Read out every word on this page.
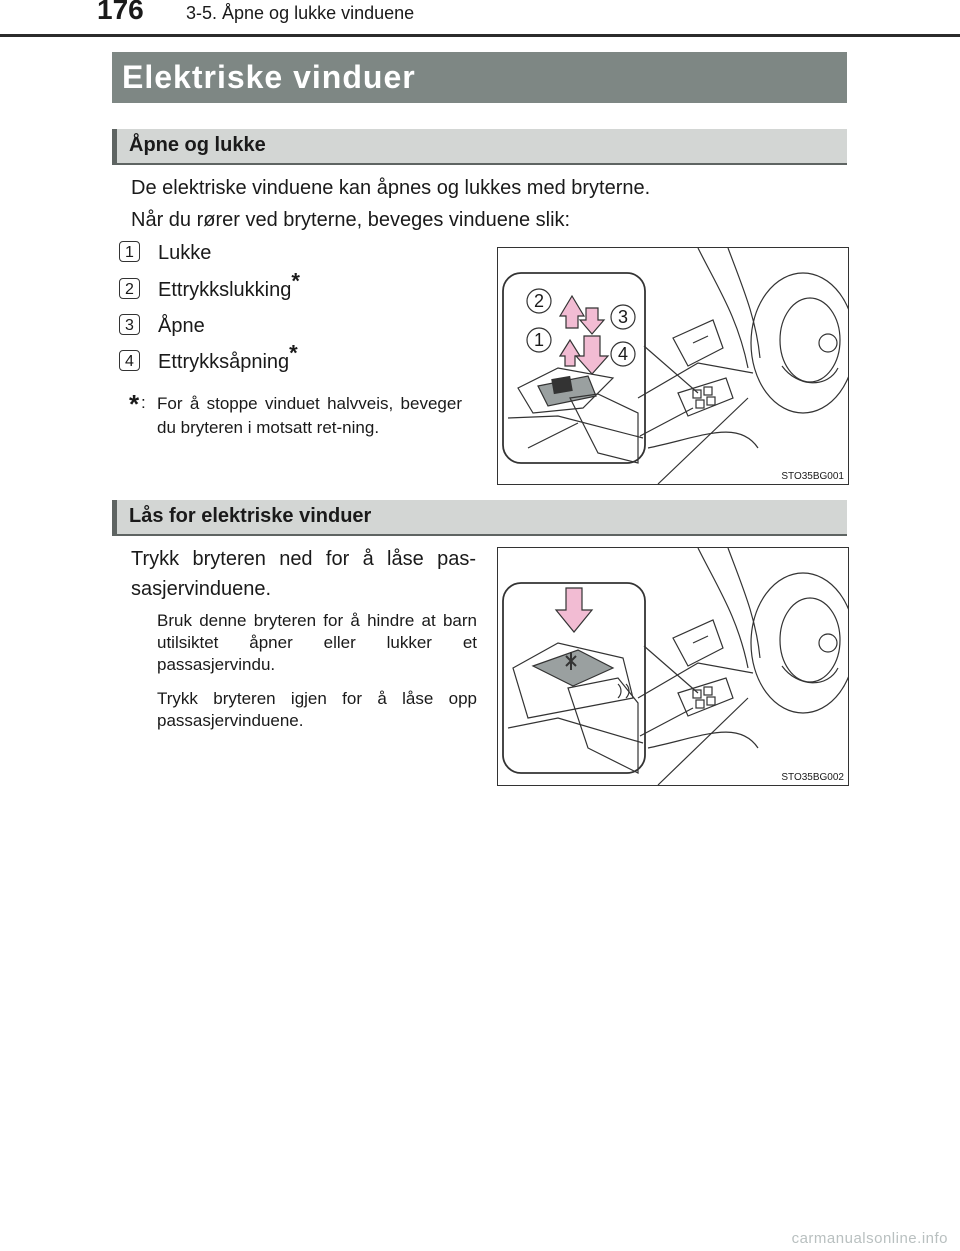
176 3-5. Åpne og lukke vinduene
Elektriske vinduer
Åpne og lukke
De elektriske vinduene kan åpnes og lukkes med bryterne.
Når du rører ved bryterne, beveges vinduene slik:
1	Lukke
2	Ettrykkslukking*
3	Åpne
4	Ettrykksåpning*
* : For å stoppe vinduet halvveis, beveger du bryteren i motsatt ret-ning.
2
3
1
4
STO35BG001
Lås for elektriske vinduer
Trykk bryteren ned for å låse pas-sasjervinduene.
Bruk denne bryteren for å hindre at barn utilsiktet åpner eller lukker et passasjervindu.
Trykk bryteren igjen for å låse opp passasjervinduene.
STO35BG002
carmanualsonline.info
